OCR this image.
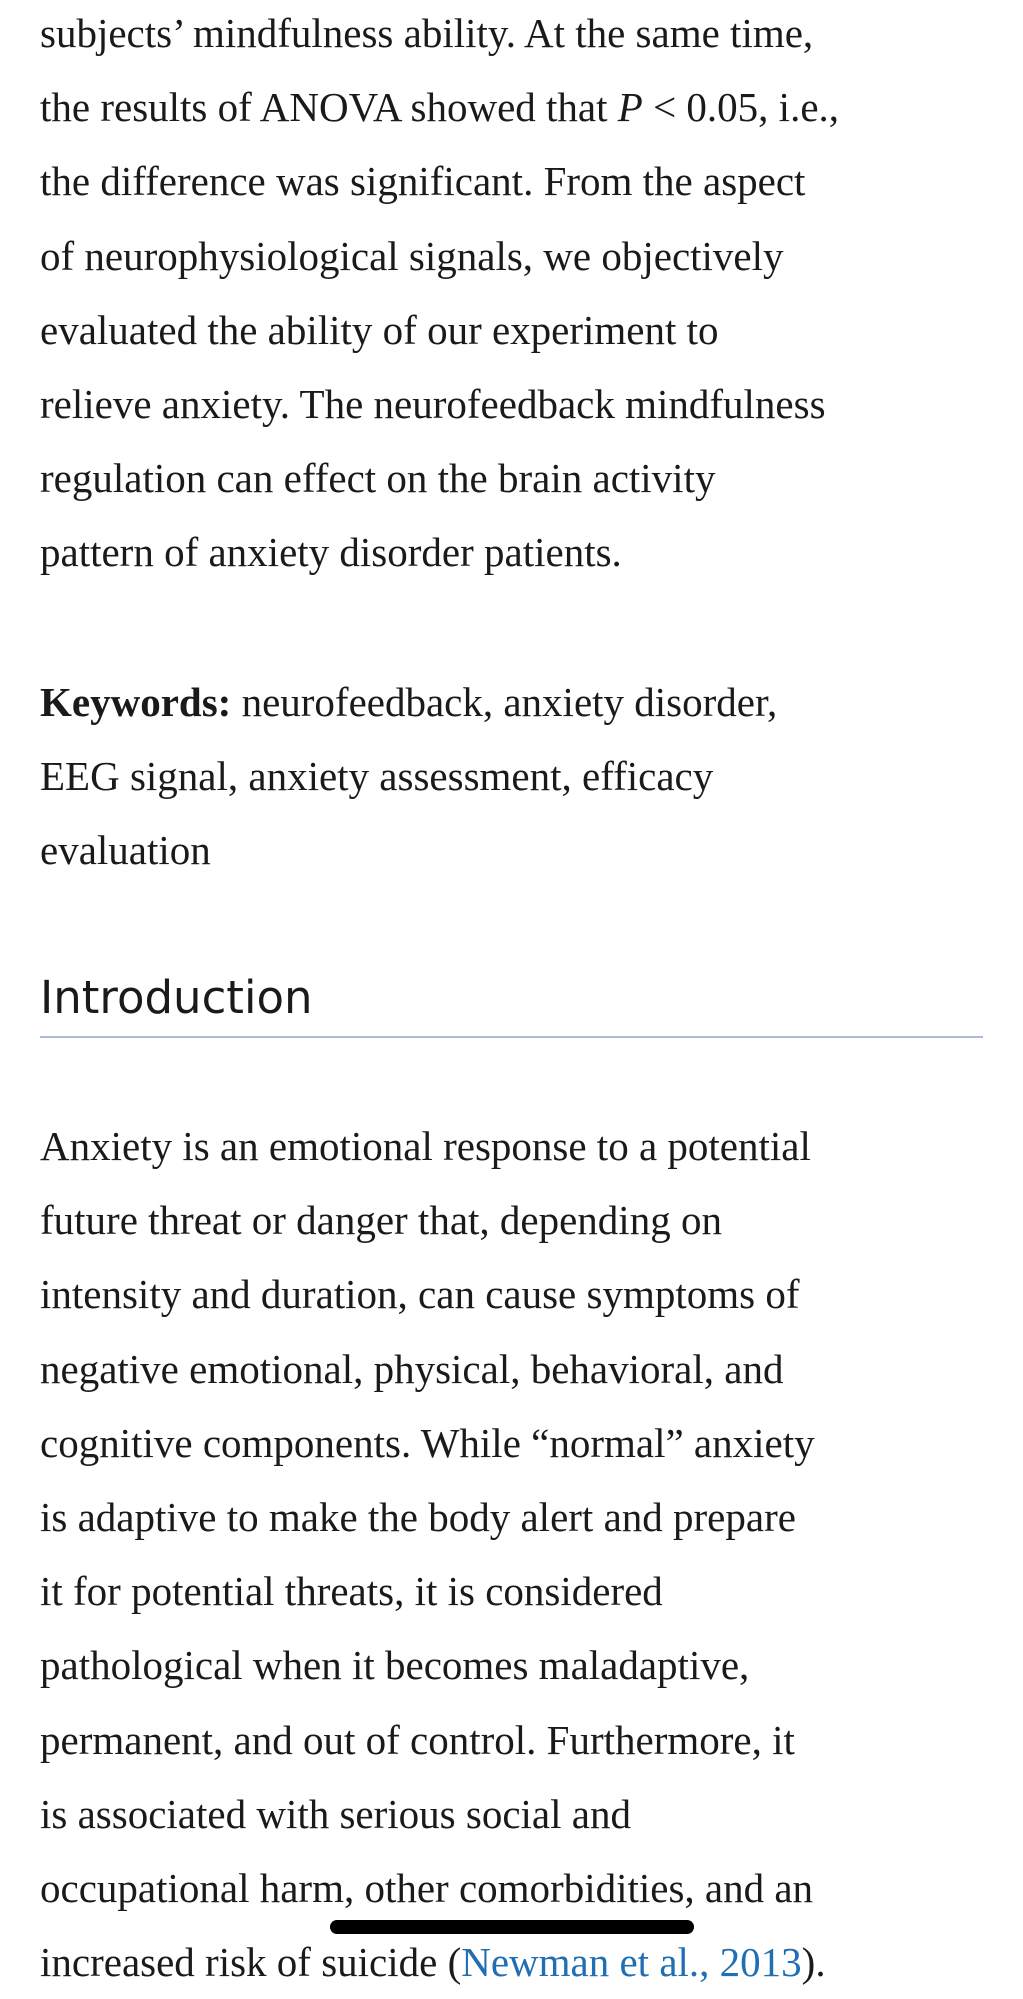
subjects’ mindfulness ability. At the same time,
the results of ANOVA showed that P < 0.05, i.e.,
the difference was significant. From the aspect
of neurophysiological signals, we objectively
evaluated the ability of our experiment to
relieve anxiety. The neurofeedback mindfulness
regulation can effect on the brain activity
pattern of anxiety disorder patients.
Keywords: neurofeedback, anxiety disorder,
EEG signal, anxiety assessment, efficacy
evaluation
Introduction
Anxiety is an emotional response to a potential
future threat or danger that, depending on
intensity and duration, can cause symptoms of
negative emotional, physical, behavioral, and
cognitive components. While “normal” anxiety
is adaptive to make the body alert and prepare
it for potential threats, it is considered
pathological when it becomes maladaptive,
permanent, and out of control. Furthermore, it
is associated with serious social and
occupational harm, other comorbidities, and an
increased risk of suicide (Newman et al., 2013).
